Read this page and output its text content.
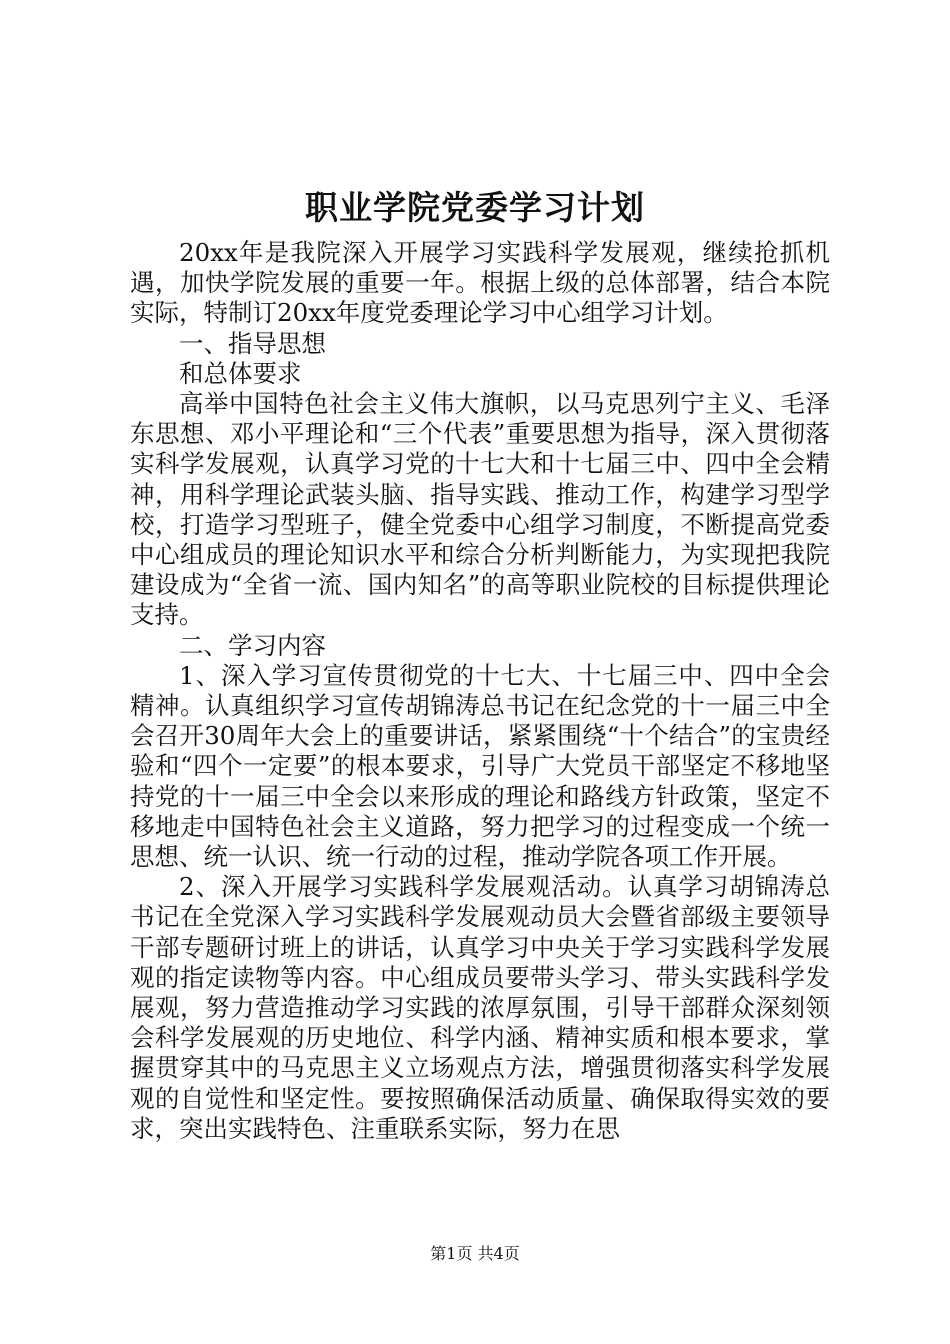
职业学院党委学习计划

20xx年是我院深入开展学习实践科学发展观，继续抢抓机遇，加快学院发展的重要一年。根据上级的总体部署，结合本院实际，特制订20xx年度党委理论学习中心组学习计划。

一、指导思想

和总体要求

高举中国特色社会主义伟大旗帜，以马克思列宁主义、毛泽东思想、邓小平理论和“三个代表”重要思想为指导，深入贯彻落实科学发展观，认真学习党的十七大和十七届三中、四中全会精神，用科学理论武装头脑、指导实践、推动工作，构建学习型学校，打造学习型班子，健全党委中心组学习制度，不断提高党委中心组成员的理论知识水平和综合分析判断能力，为实现把我院建设成为“全省一流、国内知名”的高等职业院校的目标提供理论支持。

二、学习内容

1、深入学习宣传贯彻党的十七大、十七届三中、四中全会精神。认真组织学习宣传胡锦涛总书记在纪念党的十一届三中全会召开30周年大会上的重要讲话，紧紧围绕“十个结合”的宝贵经验和“四个一定要”的根本要求，引导广大党员干部坚定不移地坚持党的十一届三中全会以来形成的理论和路线方针政策，坚定不移地走中国特色社会主义道路，努力把学习的过程变成一个统一思想、统一认识、统一行动的过程，推动学院各项工作开展。

2、深入开展学习实践科学发展观活动。认真学习胡锦涛总书记在全党深入学习实践科学发展观动员大会暨省部级主要领导干部专题研讨班上的讲话，认真学习中央关于学习实践科学发展观的指定读物等内容。中心组成员要带头学习、带头实践科学发展观，努力营造推动学习实践的浓厚氛围，引导干部群众深刻领会科学发展观的历史地位、科学内涵、精神实质和根本要求，掌握贯穿其中的马克思主义立场观点方法，增强贯彻落实科学发展观的自觉性和坚定性。要按照确保活动质量、确保取得实效的要求，突出实践特色、注重联系实际，努力在思

第1页 共4页
